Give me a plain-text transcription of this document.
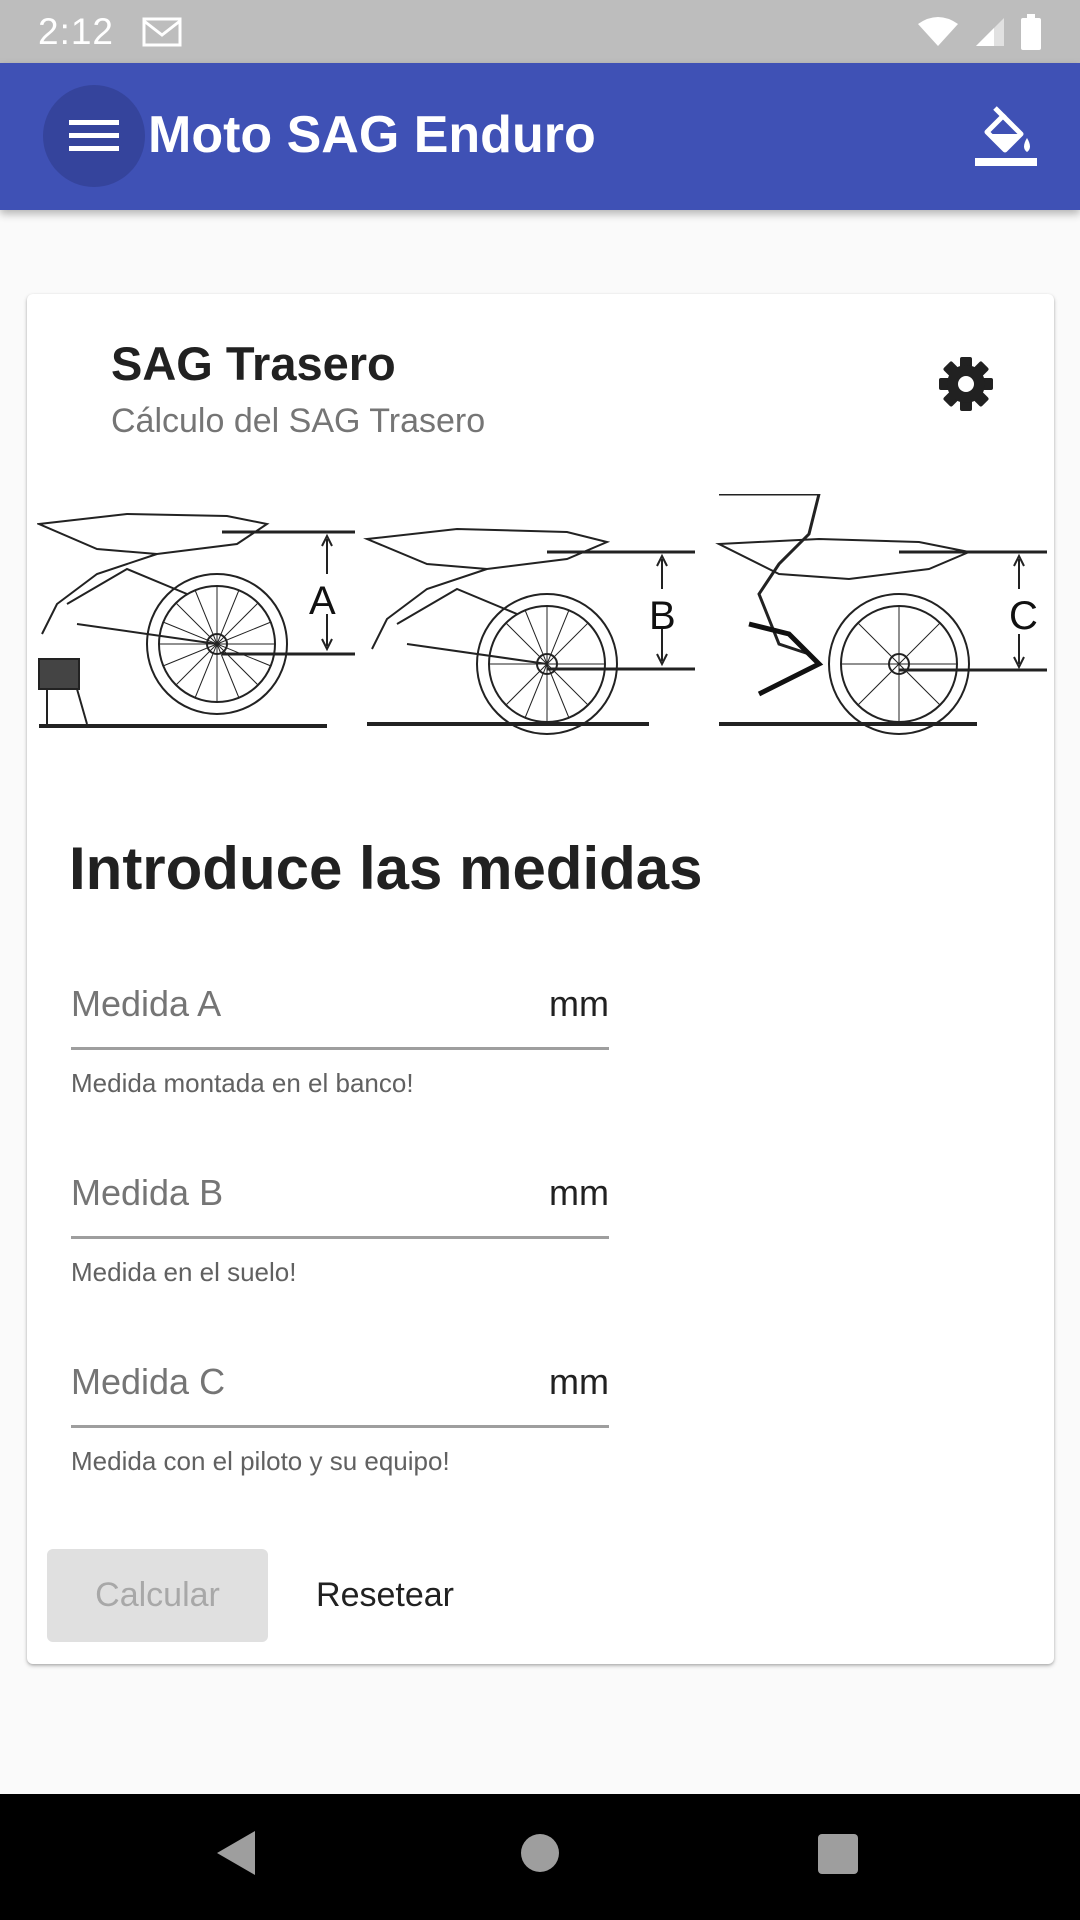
2:12
Moto SAG Enduro
SAG Trasero
Cálculo del SAG Trasero
A	B	C
Introduce las medidas
Medida A
mm
Medida montada en el banco!
Medida B
mm
Medida en el suelo!
Medida C
mm
Medida con el piloto y su equipo!
Calcular	Resetear
